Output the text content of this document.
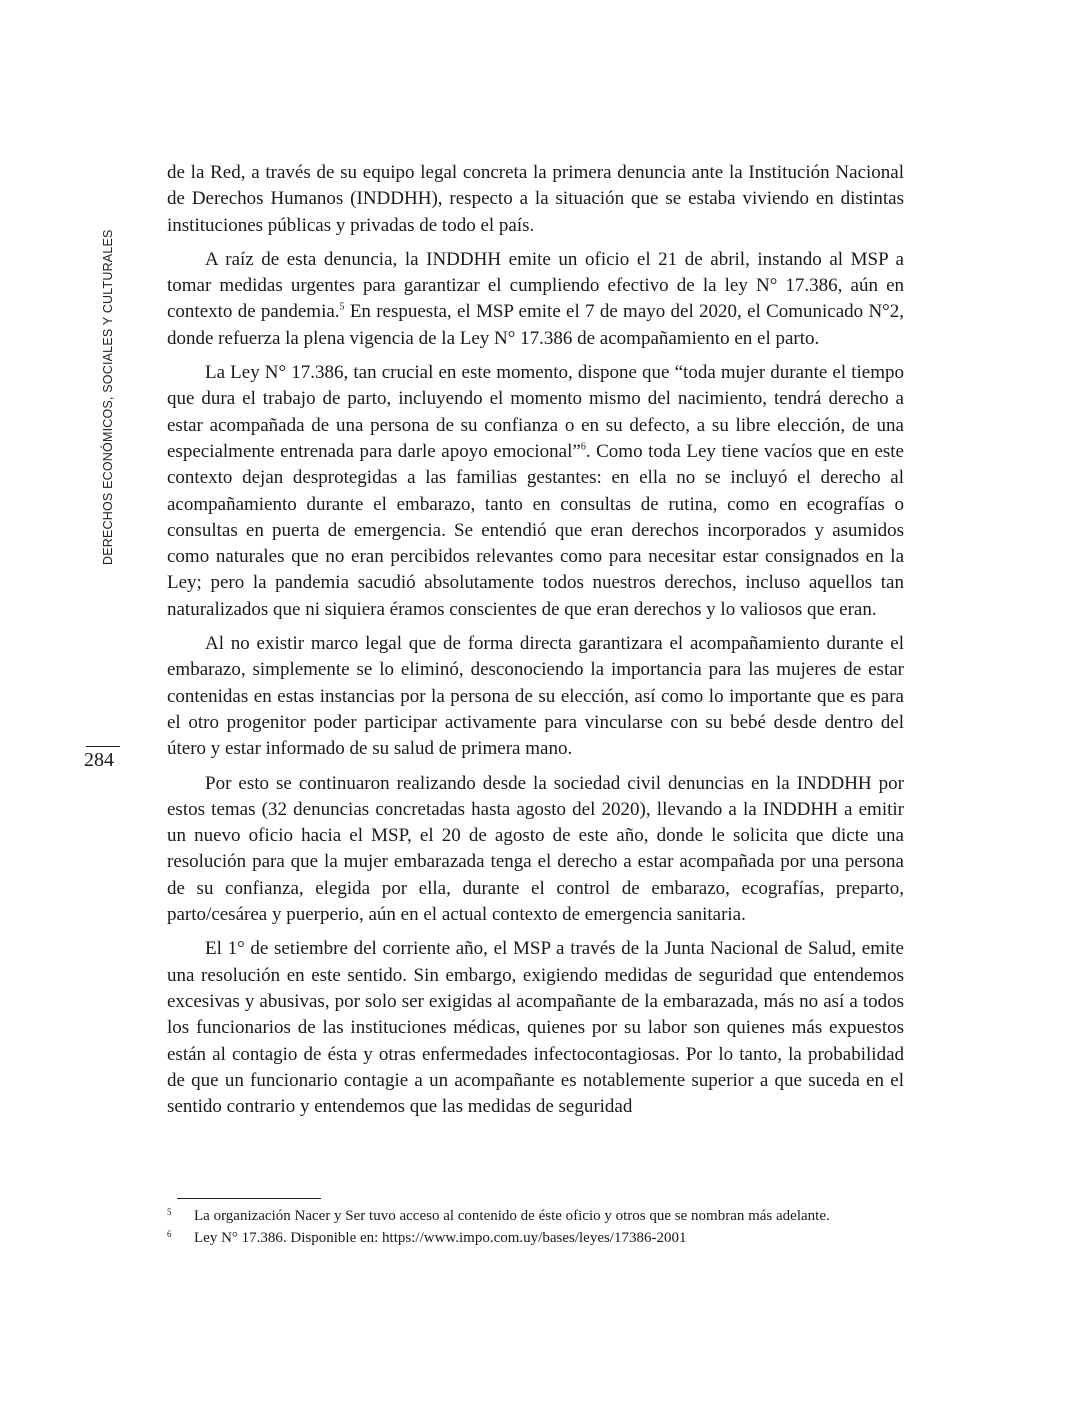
DERECHOS ECONÓMICOS, SOCIALES Y CULTURALES
284

de la Red, a través de su equipo legal concreta la primera denuncia ante la Institución Nacional de Derechos Humanos (INDDHH), respecto a la situación que se estaba viviendo en distintas instituciones públicas y privadas de todo el país.

A raíz de esta denuncia, la INDDHH emite un oficio el 21 de abril, instando al MSP a tomar medidas urgentes para garantizar el cumpliendo efectivo de la ley N° 17.386, aún en contexto de pandemia.$^5$ En respuesta, el MSP emite el 7 de mayo del 2020, el Comunicado N°2, donde refuerza la plena vigencia de la Ley N° 17.386 de acompañamiento en el parto.

La Ley N° 17.386, tan crucial en este momento, dispone que “toda mujer durante el tiempo que dura el trabajo de parto, incluyendo el momento mismo del nacimiento, tendrá derecho a estar acompañada de una persona de su confianza o en su defecto, a su libre elección, de una especialmente entrenada para darle apoyo emocional”$^6$. Como toda Ley tiene vacíos que en este contexto dejan desprotegidas a las familias gestantes: en ella no se incluyó el derecho al acompañamiento durante el embarazo, tanto en consultas de rutina, como en ecografías o consultas en puerta de emergencia. Se entendió que eran derechos incorporados y asumidos como naturales que no eran percibidos relevantes como para necesitar estar consignados en la Ley; pero la pandemia sacudió absolutamente todos nuestros derechos, incluso aquellos tan naturalizados que ni siquiera éramos conscientes de que eran derechos y lo valiosos que eran.

Al no existir marco legal que de forma directa garantizara el acompañamiento durante el embarazo, simplemente se lo eliminó, desconociendo la importancia para las mujeres de estar contenidas en estas instancias por la persona de su elección, así como lo importante que es para el otro progenitor poder participar activamente para vincularse con su bebé desde dentro del útero y estar informado de su salud de primera mano.

Por esto se continuaron realizando desde la sociedad civil denuncias en la INDDHH por estos temas (32 denuncias concretadas hasta agosto del 2020), llevando a la INDDHH a emitir un nuevo oficio hacia el MSP, el 20 de agosto de este año, donde le solicita que dicte una resolución para que la mujer embarazada tenga el derecho a estar acompañada por una persona de su confianza, elegida por ella, durante el control de embarazo, ecografías, preparto, parto/cesárea y puerperio, aún en el actual contexto de emergencia sanitaria.

El 1° de setiembre del corriente año, el MSP a través de la Junta Nacional de Salud, emite una resolución en este sentido. Sin embargo, exigiendo medidas de seguridad que entendemos excesivas y abusivas, por solo ser exigidas al acompañante de la embarazada, más no así a todos los funcionarios de las instituciones médicas, quienes por su labor son quienes más expuestos están al contagio de ésta y otras enfermedades infectocontagiosas. Por lo tanto, la probabilidad de que un funcionario contagie a un acompañante es notablemente superior a que suceda en el sentido contrario y entendemos que las medidas de seguridad

5	La organización Nacer y Ser tuvo acceso al contenido de éste oficio y otros que se nombran más adelante.
6	Ley N° 17.386. Disponible en: https://www.impo.com.uy/bases/leyes/17386-2001
